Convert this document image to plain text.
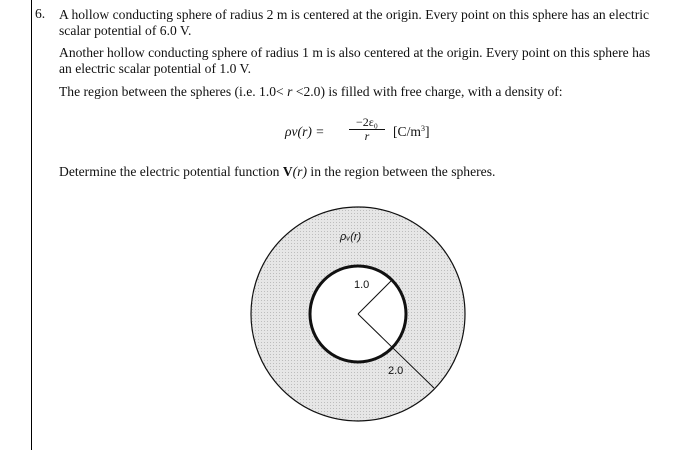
6. A hollow conducting sphere of radius 2 m is centered at the origin. Every point on this sphere has an electric
scalar potential of 6.0 V.
Another hollow conducting sphere of radius 1 m is also centered at the origin. Every point on this sphere has
an electric scalar potential of 1.0 V.
The region between the spheres (i.e. 1.0< r <2.0) is filled with free charge, with a density of:
ρv(r) =
−2ε₀
r	$[C/m^3]$
Determine the electric potential function V(r) in the region between the spheres.
ρᵥ(r)
1.0
2.0
